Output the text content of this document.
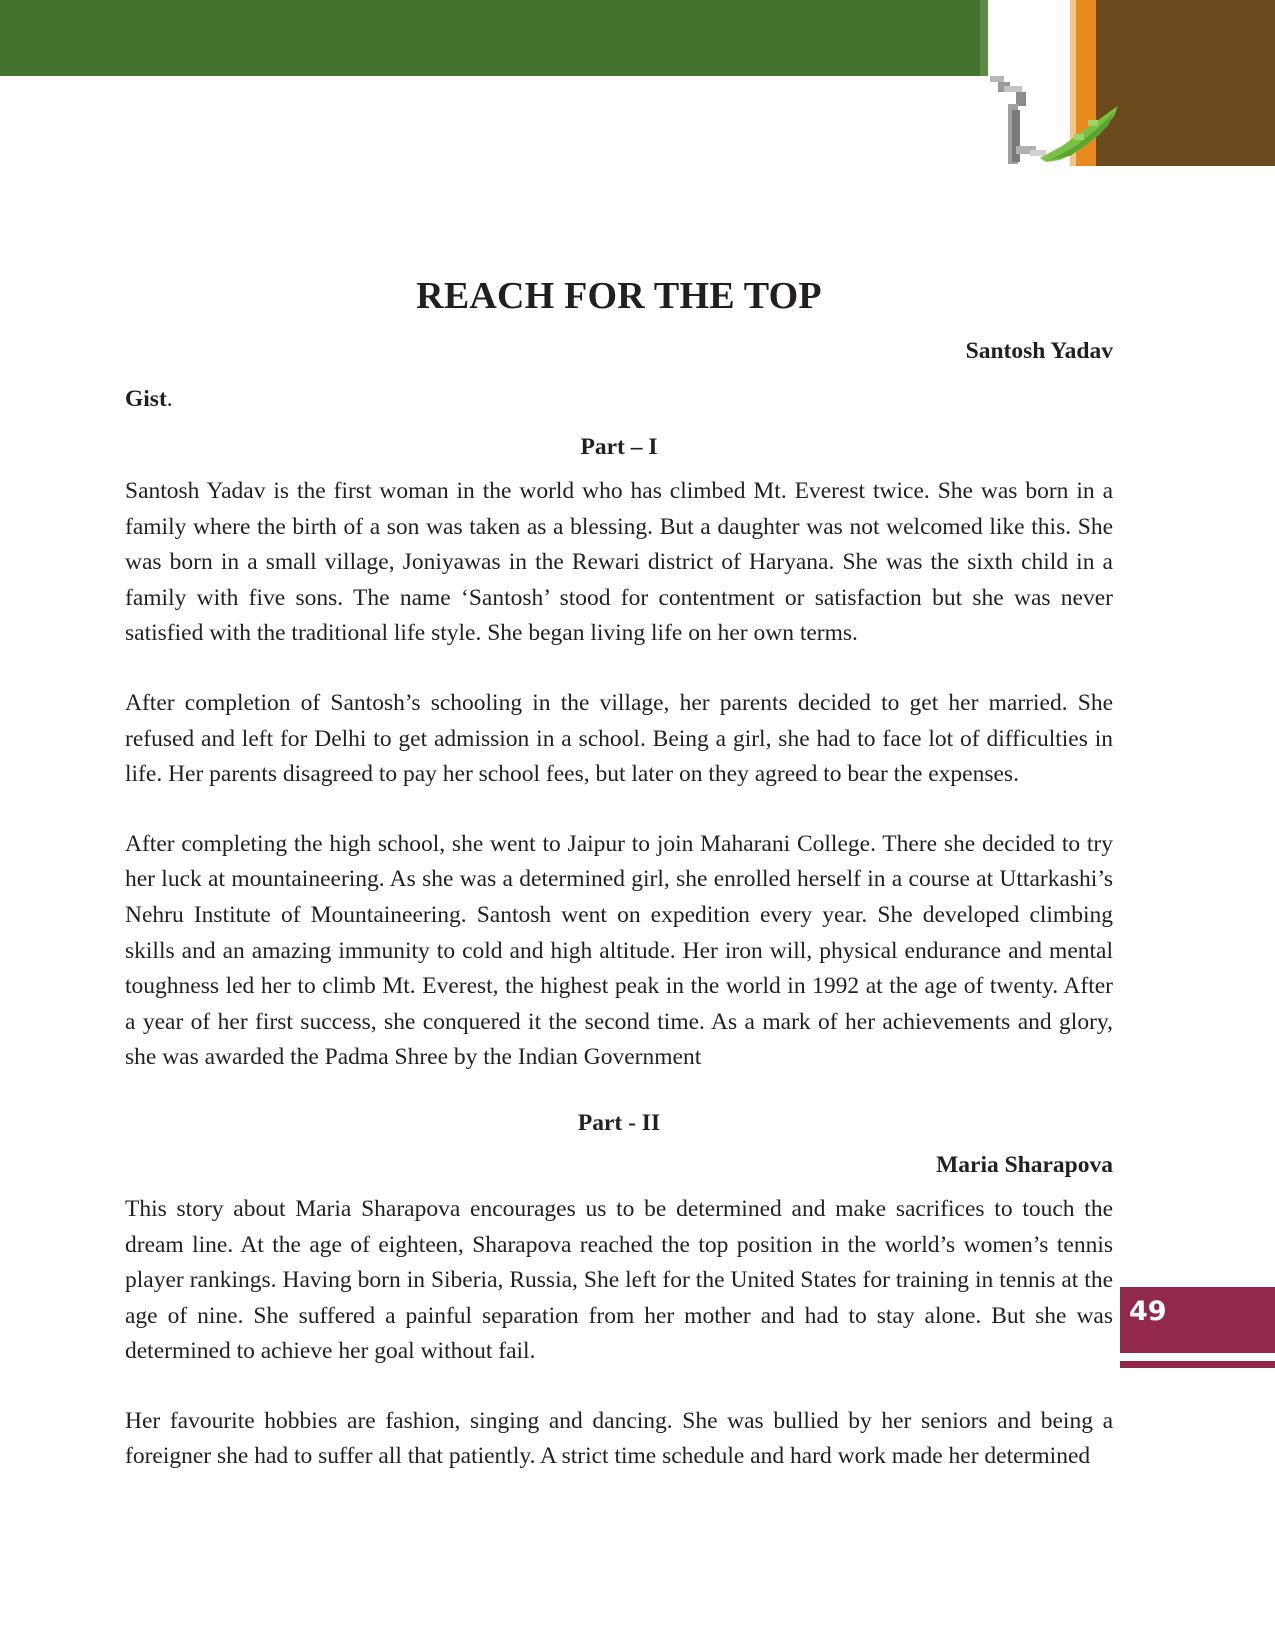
REACH FOR THE TOP

Santosh Yadav

Gist.

Part – I

Santosh Yadav is the first woman in the world who has climbed Mt. Everest twice. She was born in a family where the birth of a son was taken as a blessing. But a daughter was not welcomed like this. She was born in a small village, Joniyawas in the Rewari district of Haryana. She was the sixth child in a family with five sons. The name ‘Santosh’ stood for contentment or satisfaction but she was never satisfied with the traditional life style. She began living life on her own terms.

After completion of Santosh’s schooling in the village, her parents decided to get her married. She refused and left for Delhi to get admission in a school. Being a girl, she had to face lot of difficulties in life. Her parents disagreed to pay her school fees, but later on they agreed to bear the expenses.

After completing the high school, she went to Jaipur to join Maharani College. There she decided to try her luck at mountaineering. As she was a determined girl, she enrolled herself in a course at Uttarkashi’s Nehru Institute of Mountaineering. Santosh went on expedition every year. She developed climbing skills and an amazing immunity to cold and high altitude. Her iron will, physical endurance and mental toughness led her to climb Mt. Everest, the highest peak in the world in 1992 at the age of twenty. After a year of her first success, she conquered it the second time. As a mark of her achievements and glory, she was awarded the Padma Shree by the Indian Government

Part - II

Maria Sharapova

This story about Maria Sharapova encourages us to be determined and make sacrifices to touch the dream line. At the age of eighteen, Sharapova reached the top position in the world’s women’s tennis player rankings. Having born in Siberia, Russia, She left for the United States for training in tennis at the age of nine. She suffered a painful separation from her mother and had to stay alone. But she was determined to achieve her goal without fail.

Her favourite hobbies are fashion, singing and dancing. She was bullied by her seniors and being a foreigner she had to suffer all that patiently. A strict time schedule and hard work made her determined

49
